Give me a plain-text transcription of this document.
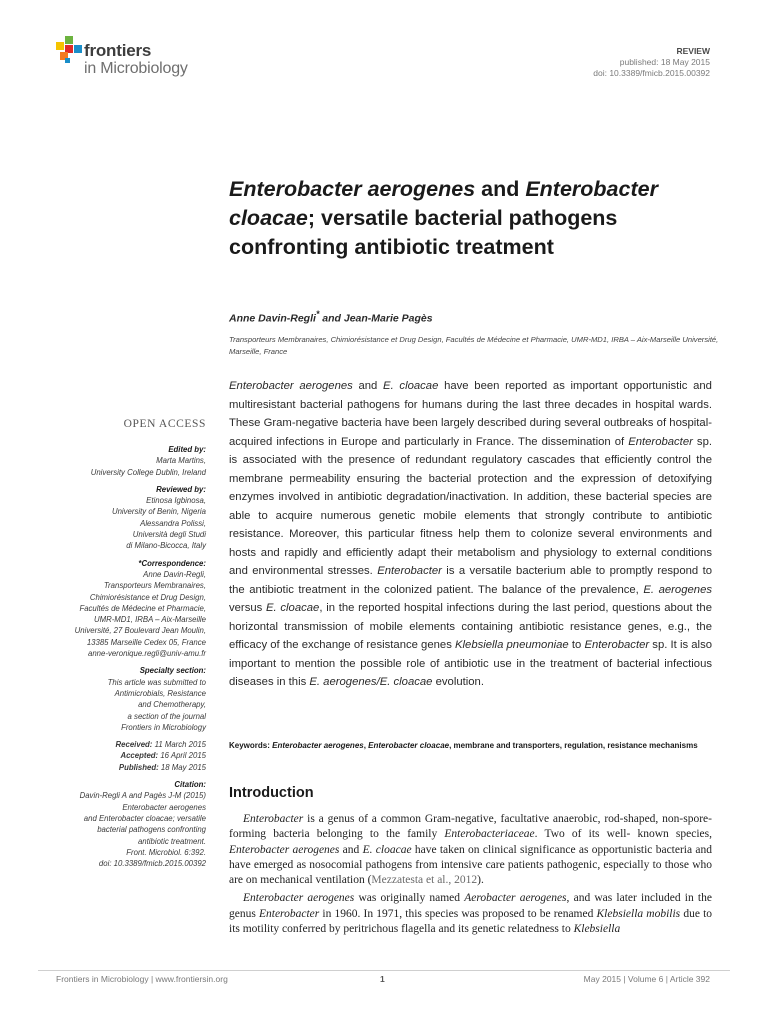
frontiers
in Microbiology
REVIEW
published: 18 May 2015
doi: 10.3389/fmicb.2015.00392
Enterobacter aerogenes and Enterobacter cloacae; versatile bacterial pathogens confronting antibiotic treatment
Anne Davin-Regli* and Jean-Marie Pagès
Transporteurs Membranaires, Chimiorésistance et Drug Design, Facultés de Médecine et Pharmacie, UMR-MD1, IRBA – Aix-Marseille Université, Marseille, France

Enterobacter aerogenes and E. cloacae have been reported as important opportunistic and multiresistant bacterial pathogens for humans during the last three decades in hospital wards. These Gram-negative bacteria have been largely described during several outbreaks of hospital-acquired infections in Europe and particularly in France. The dissemination of Enterobacter sp. is associated with the presence of redundant regulatory cascades that efficiently control the membrane permeability ensuring the bacterial protection and the expression of detoxifying enzymes involved in antibiotic degradation/inactivation. In addition, these bacterial species are able to acquire numerous genetic mobile elements that strongly contribute to antibiotic resistance. Moreover, this particular fitness help them to colonize several environments and hosts and rapidly and efficiently adapt their metabolism and physiology to external conditions and environmental stresses. Enterobacter is a versatile bacterium able to promptly respond to the antibiotic treatment in the colonized patient. The balance of the prevalence, E. aerogenes versus E. cloacae, in the reported hospital infections during the last period, questions about the horizontal transmission of mobile elements containing antibiotic resistance genes, e.g., the efficacy of the exchange of resistance genes Klebsiella pneumoniae to Enterobacter sp. It is also important to mention the possible role of antibiotic use in the treatment of bacterial infectious diseases in this E. aerogenes/E. cloacae evolution.

Keywords: Enterobacter aerogenes, Enterobacter cloacae, membrane and transporters, regulation, resistance mechanisms
Introduction

Enterobacter is a genus of a common Gram-negative, facultative anaerobic, rod-shaped, non-spore-forming bacteria belonging to the family Enterobacteriaceae. Two of its well- known species, Enterobacter aerogenes and E. cloacae have taken on clinical significance as opportunistic bacteria and have emerged as nosocomial pathogens from intensive care patients pathogenic, especially to those who are on mechanical ventilation (Mezzatesta et al., 2012).

Enterobacter aerogenes was originally named Aerobacter aerogenes, and was later included in the genus Enterobacter in 1960. In 1971, this species was proposed to be renamed Klebsiella mobilis due to its motility conferred by peritrichous flagella and its genetic relatedness to Klebsiella

OPEN ACCESS
Edited by:
Marta Martins,
University College Dublin, Ireland
Reviewed by:
Etinosa Igbinosa,
University of Benin, Nigeria
Alessandra Polissi,
Università degli Studi
di Milano-Bicocca, Italy
*Correspondence:
Anne Davin-Regli,
Transporteurs Membranaires,
Chimiorésistance et Drug Design,
Facultés de Médecine et Pharmacie,
UMR-MD1, IRBA – Aix-Marseille
Université, 27 Boulevard Jean Moulin,
13385 Marseille Cedex 05, France
anne-veronique.regli@univ-amu.fr
Specialty section:
This article was submitted to
Antimicrobials, Resistance
and Chemotherapy,
a section of the journal
Frontiers in Microbiology
Received: 11 March 2015
Accepted: 16 April 2015
Published: 18 May 2015
Citation:
Davin-Regli A and Pagès J-M (2015)
Enterobacter aerogenes
and Enterobacter cloacae; versatile
bacterial pathogens confronting
antibiotic treatment.
Front. Microbiol. 6:392.
doi: 10.3389/fmicb.2015.00392
Frontiers in Microbiology | www.frontiersin.org	1	May 2015 | Volume 6 | Article 392
